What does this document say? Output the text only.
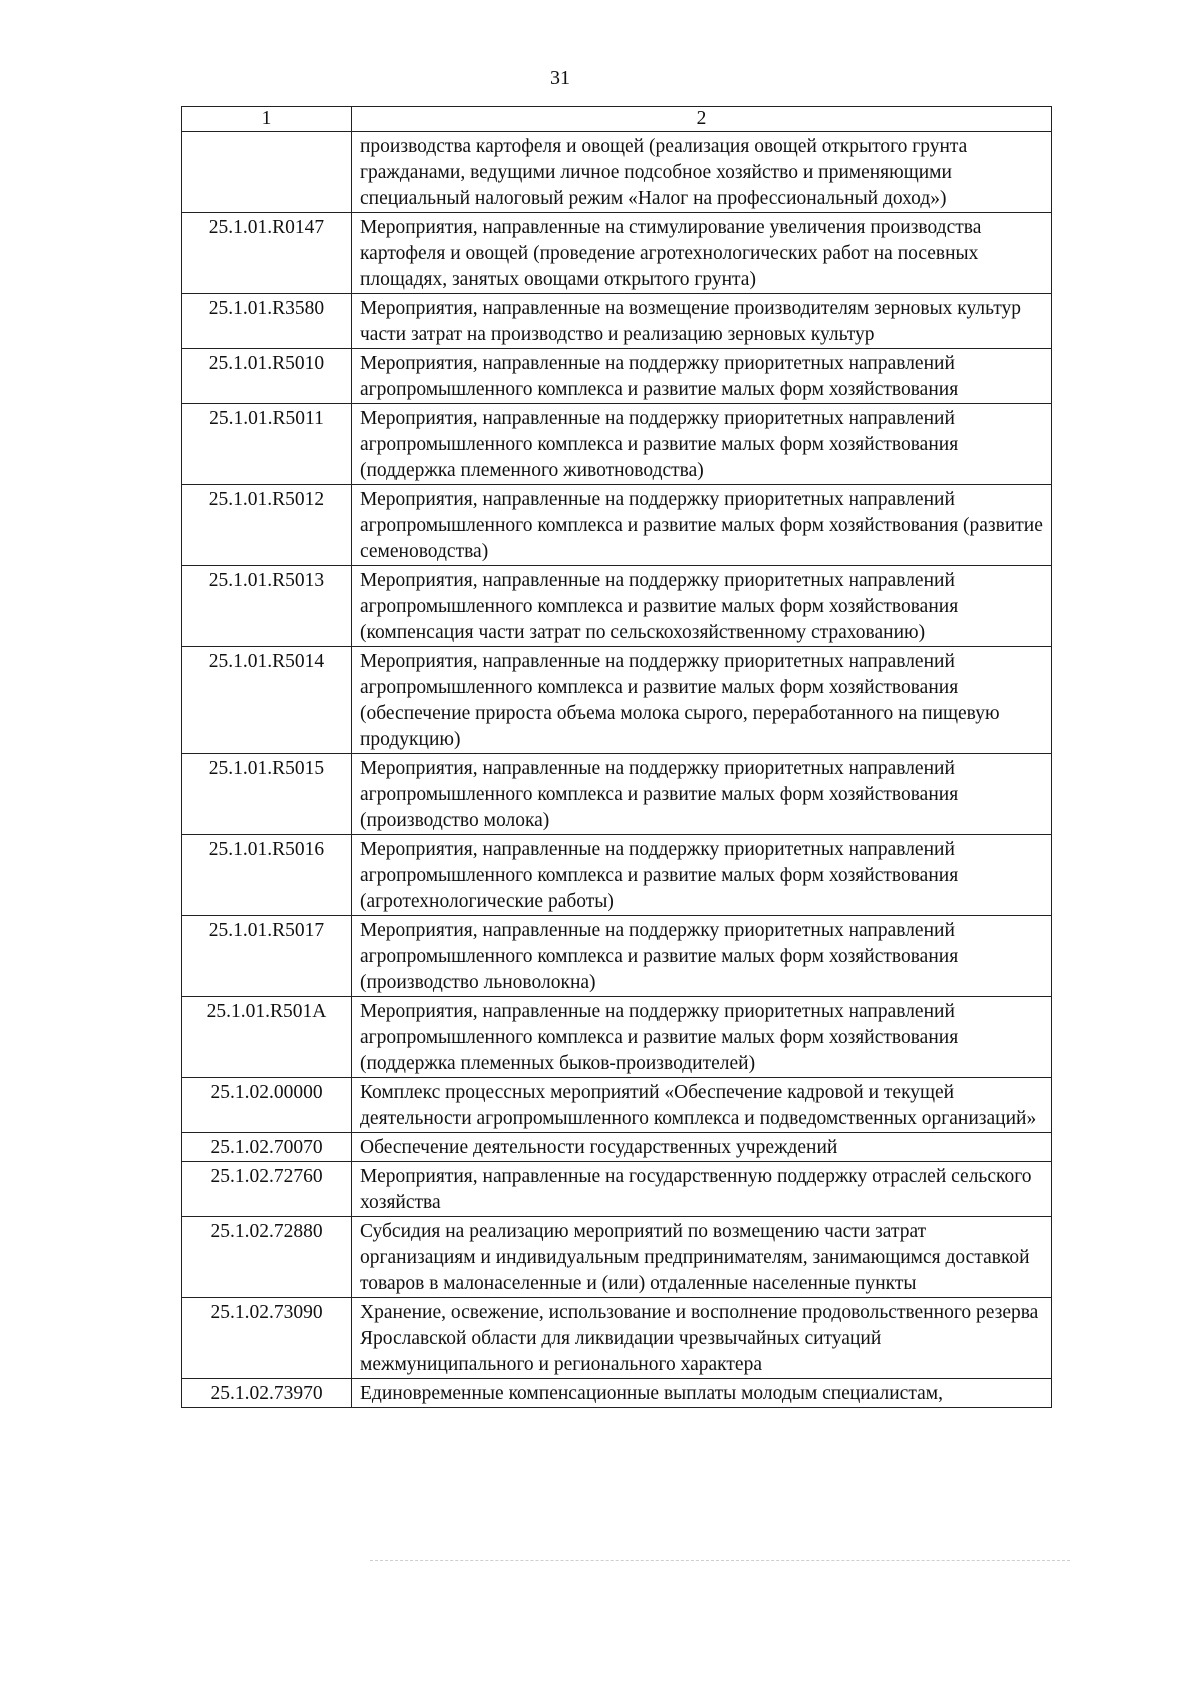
31
1	2
	производства картофеля и овощей (реализация овощей открытого грунта гражданами, ведущими личное подсобное хозяйство и применяющими специальный налоговый режим «Налог на профессиональный доход»)
25.1.01.R0147	Мероприятия, направленные на стимулирование увеличения производства картофеля и овощей (проведение агротехнологических работ на посевных площадях, занятых овощами открытого грунта)
25.1.01.R3580	Мероприятия, направленные на возмещение производителям зерновых культур части затрат на производство и реализацию зерновых культур
25.1.01.R5010	Мероприятия, направленные на поддержку приоритетных направлений агропромышленного комплекса и развитие малых форм хозяйствования
25.1.01.R5011	Мероприятия, направленные на поддержку приоритетных направлений агропромышленного комплекса и развитие малых форм хозяйствования (поддержка племенного животноводства)
25.1.01.R5012	Мероприятия, направленные на поддержку приоритетных направлений агропромышленного комплекса и развитие малых форм хозяйствования (развитие семеноводства)
25.1.01.R5013	Мероприятия, направленные на поддержку приоритетных направлений агропромышленного комплекса и развитие малых форм хозяйствования (компенсация части затрат по сельскохозяйственному страхованию)
25.1.01.R5014	Мероприятия, направленные на поддержку приоритетных направлений агропромышленного комплекса и развитие малых форм хозяйствования (обеспечение прироста объема молока сырого, переработанного на пищевую продукцию)
25.1.01.R5015	Мероприятия, направленные на поддержку приоритетных направлений агропромышленного комплекса и развитие малых форм хозяйствования (производство молока)
25.1.01.R5016	Мероприятия, направленные на поддержку приоритетных направлений агропромышленного комплекса и развитие малых форм хозяйствования (агротехнологические работы)
25.1.01.R5017	Мероприятия, направленные на поддержку приоритетных направлений агропромышленного комплекса и развитие малых форм хозяйствования (производство льноволокна)
25.1.01.R501A	Мероприятия, направленные на поддержку приоритетных направлений агропромышленного комплекса и развитие малых форм хозяйствования (поддержка племенных быков-производителей)
25.1.02.00000	Комплекс процессных мероприятий «Обеспечение кадровой и текущей деятельности агропромышленного комплекса и подведомственных организаций»
25.1.02.70070	Обеспечение деятельности государственных учреждений
25.1.02.72760	Мероприятия, направленные на государственную поддержку отраслей сельского хозяйства
25.1.02.72880	Субсидия на реализацию мероприятий по возмещению части затрат организациям и индивидуальным предпринимателям, занимающимся доставкой товаров в малонаселенные и (или) отдаленные населенные пункты
25.1.02.73090	Хранение, освежение, использование и восполнение продовольственного резерва Ярославской области для ликвидации чрезвычайных ситуаций межмуниципального и регионального характера
25.1.02.73970	Единовременные компенсационные выплаты молодым специалистам,
